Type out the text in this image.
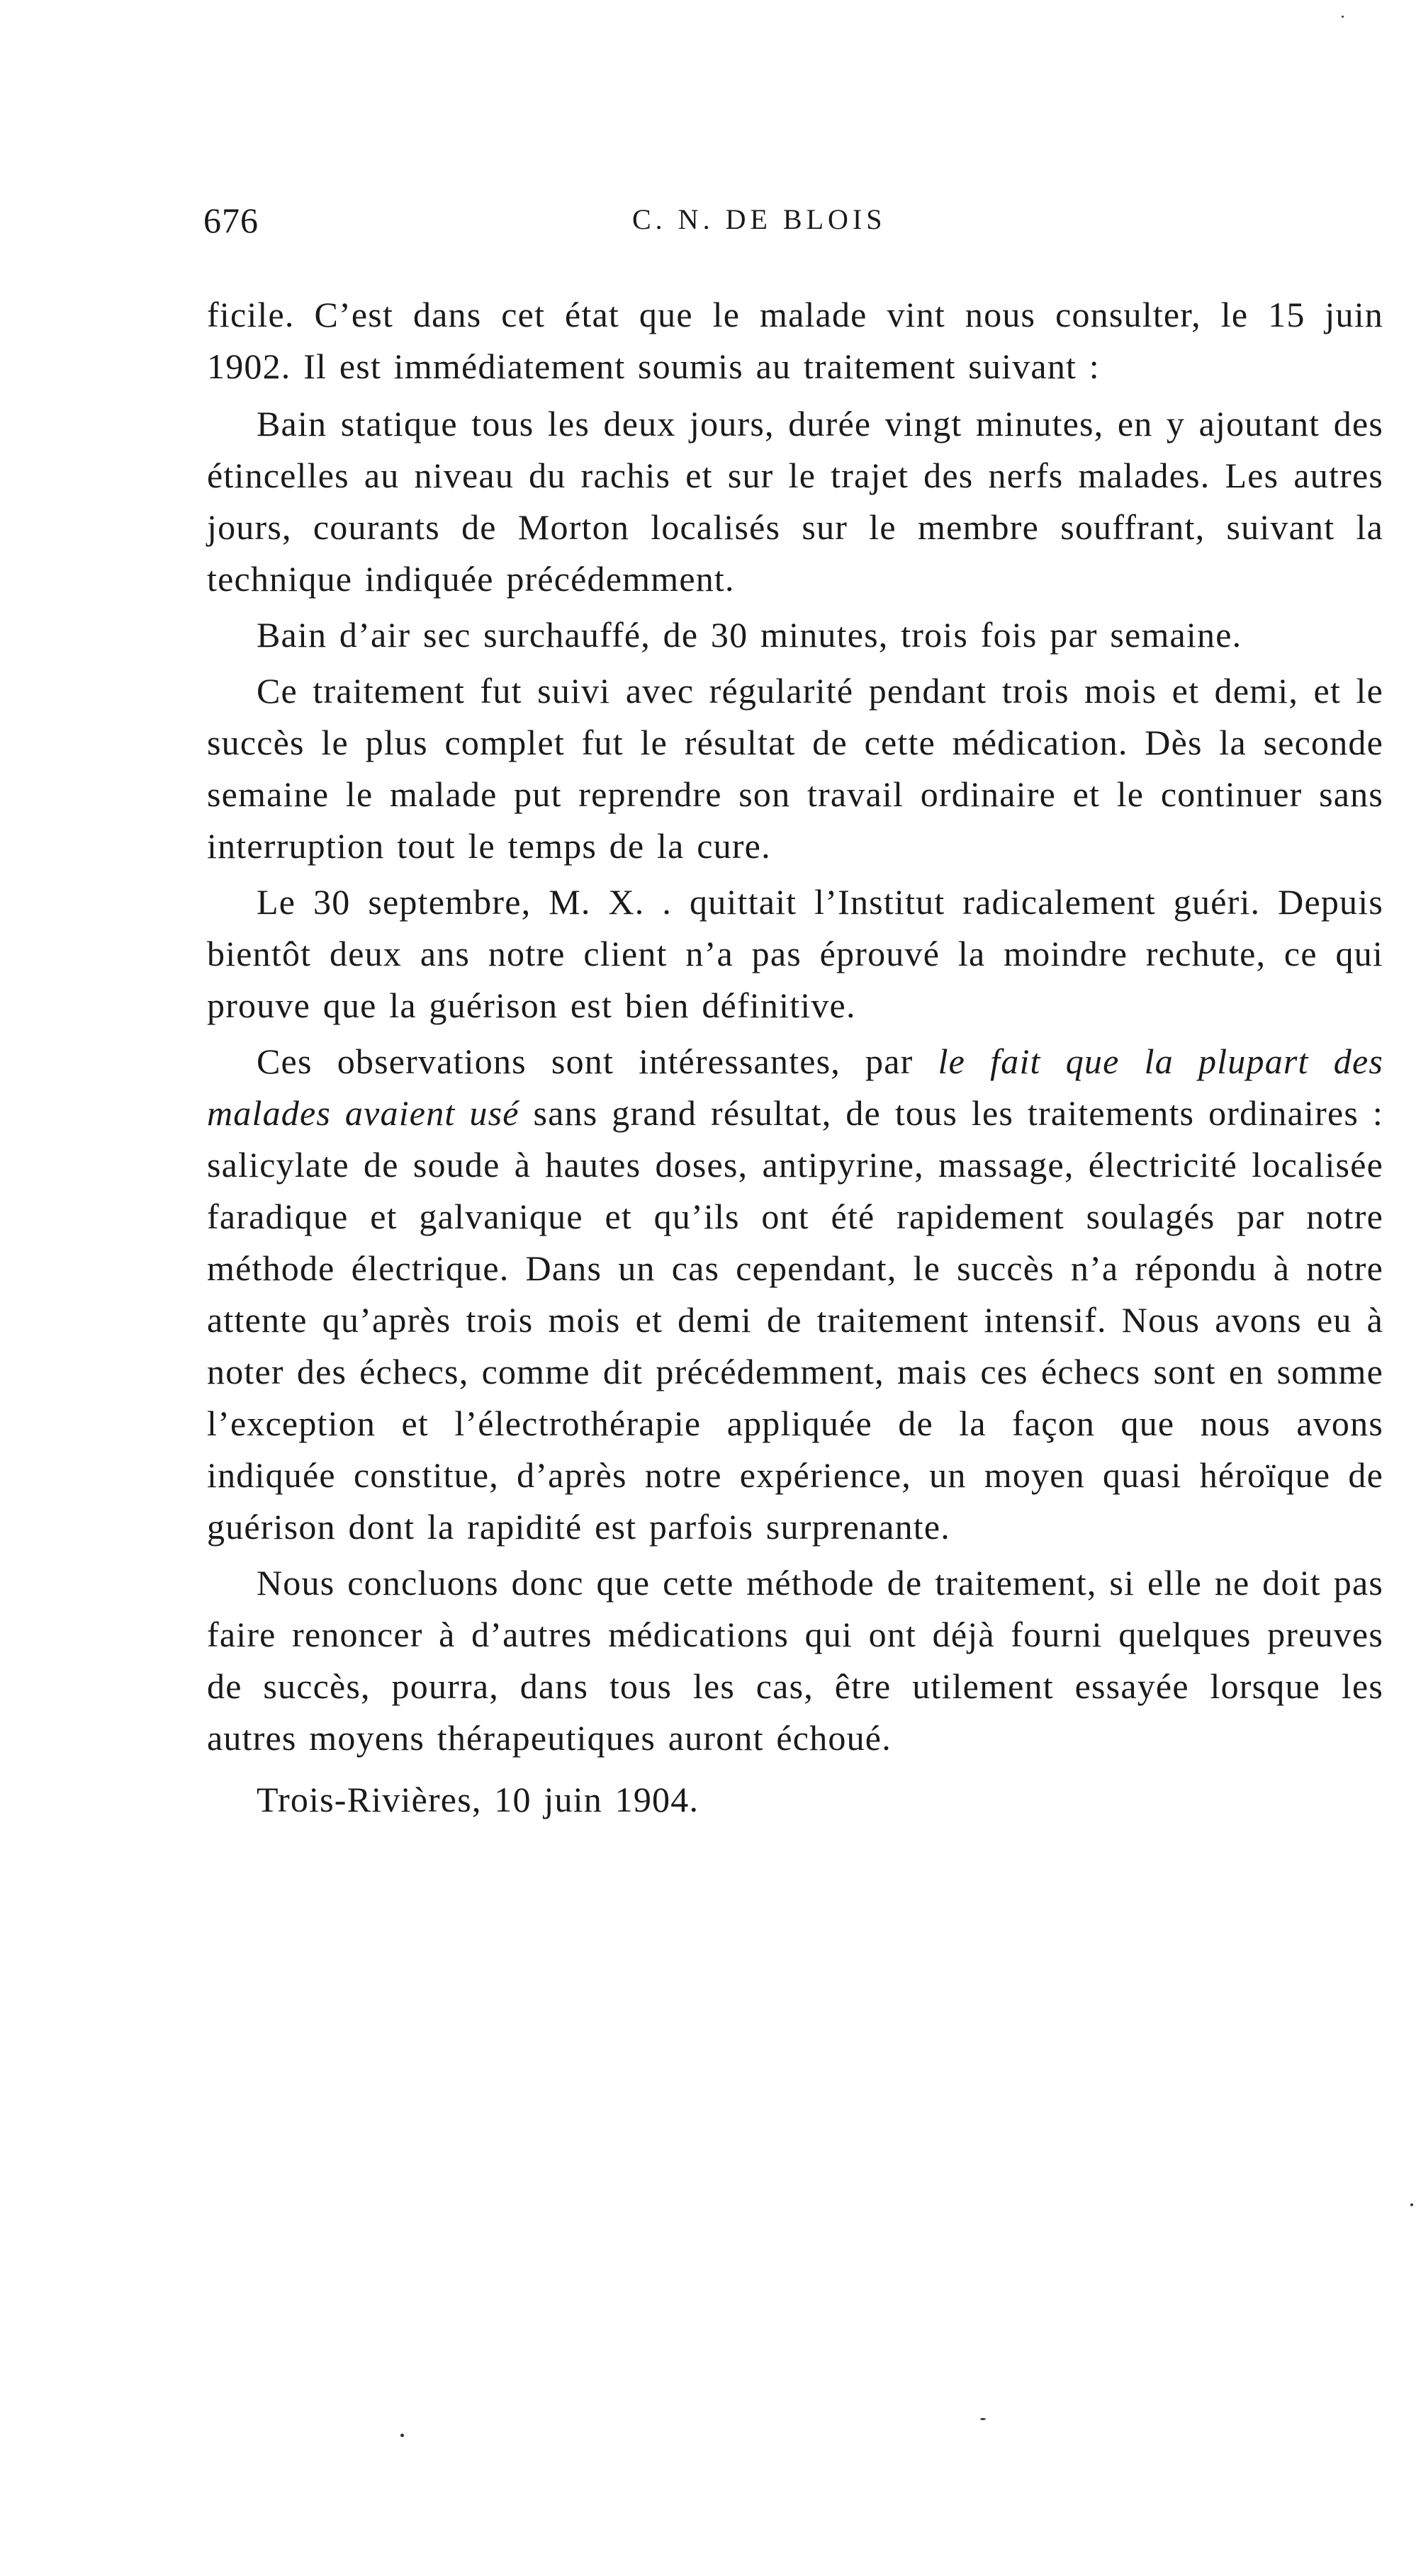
676	C. N. DE BLOIS

ficile. C’est dans cet état que le malade vint nous consulter, le 15 juin 1902. Il est immédiatement soumis au traitement suivant :

Bain statique tous les deux jours, durée vingt minutes, en y ajoutant des étincelles au niveau du rachis et sur le trajet des nerfs malades. Les autres jours, courants de Morton localisés sur le membre souffrant, suivant la technique indiquée précédemment.

Bain d’air sec surchauffé, de 30 minutes, trois fois par semaine.

Ce traitement fut suivi avec régularité pendant trois mois et demi, et le succès le plus complet fut le résultat de cette médication. Dès la seconde semaine le malade put reprendre son travail ordinaire et le continuer sans interruption tout le temps de la cure.

Le 30 septembre, M. X. . quittait l’Institut radicalement guéri. Depuis bientôt deux ans notre client n’a pas éprouvé la moindre rechute, ce qui prouve que la guérison est bien définitive.

Ces observations sont intéressantes, par le fait que la plupart des malades avaient usé sans grand résultat, de tous les traitements ordinaires : salicylate de soude à hautes doses, antipyrine, massage, électricité localisée faradique et galvanique et qu’ils ont été rapidement soulagés par notre méthode électrique. Dans un cas cependant, le succès n’a répondu à notre attente qu’après trois mois et demi de traitement intensif. Nous avons eu à noter des échecs, comme dit précédemment, mais ces échecs sont en somme l’exception et l’électrothérapie appliquée de la façon que nous avons indiquée constitue, d’après notre expérience, un moyen quasi héroïque de guérison dont la rapidité est parfois surprenante.

Nous concluons donc que cette méthode de traitement, si elle ne doit pas faire renoncer à d’autres médications qui ont déjà fourni quelques preuves de succès, pourra, dans tous les cas, être utilement essayée lorsque les autres moyens thérapeutiques auront échoué.

Trois-Rivières, 10 juin 1904.
